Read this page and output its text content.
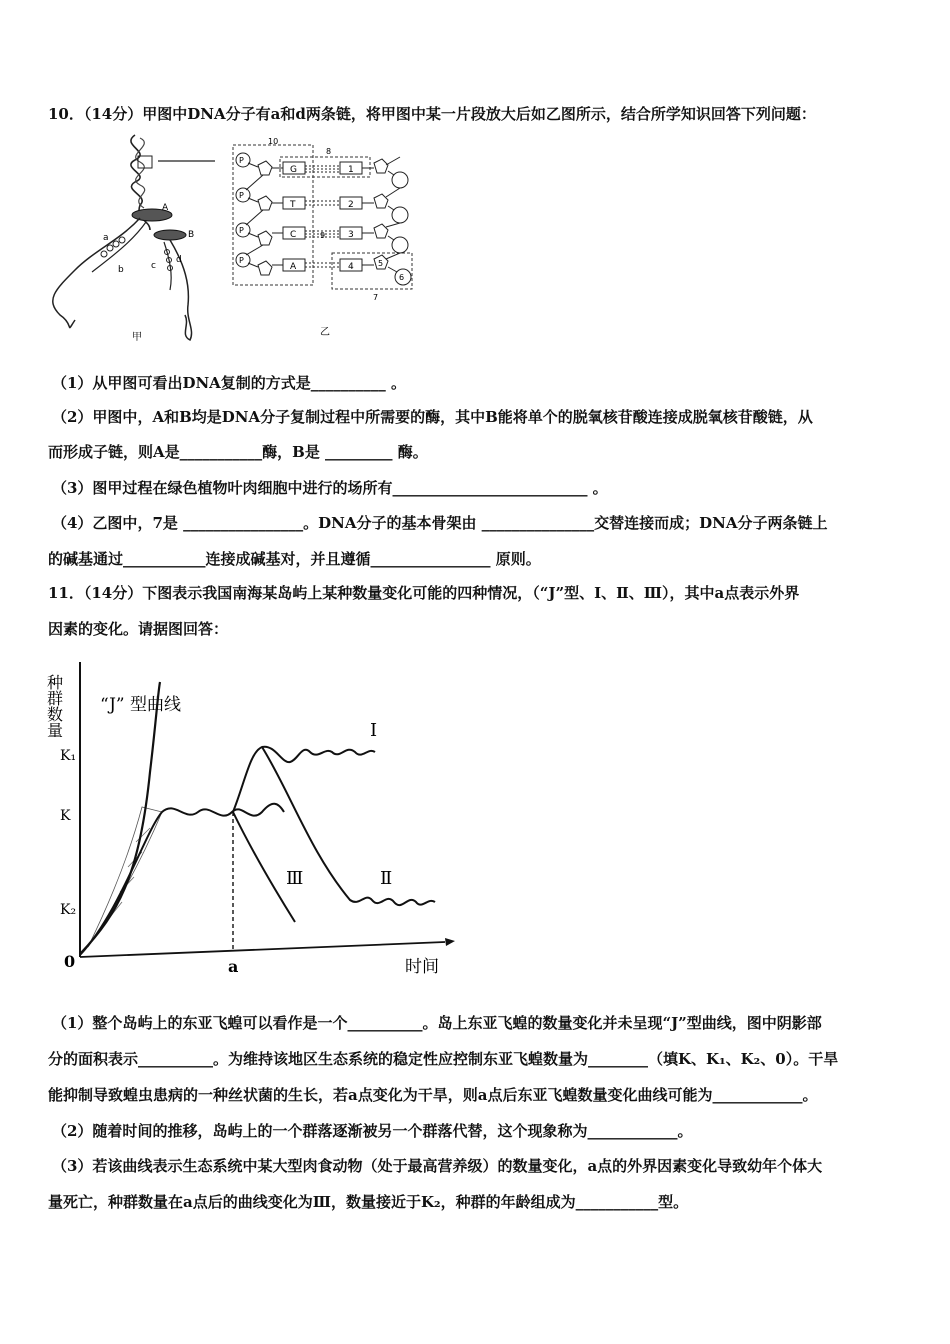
10．（14分）甲图中DNA分子有a和d两条链，将甲图中某一片段放大后如乙图所示，结合所学知识回答下列问题：
A
B
a
b	c
d
甲
10
8
7
P
P
P
P
G
T
C
A
9
1
2
3
4	5
6
乙
（1）从甲图可看出DNA复制的方式是__________ 。
（2）甲图中，A和B均是DNA分子复制过程中所需要的酶，其中B能将单个的脱氧核苷酸连接成脱氧核苷酸链，从
而形成子链，则A是___________酶，B是 _________ 酶。
（3）图甲过程在绿色植物叶肉细胞中进行的场所有__________________________ 。
（4）乙图中，7是 ________________。DNA分子的基本骨架由 _______________交替连接而成；DNA分子两条链上
的碱基通过___________连接成碱基对，并且遵循________________ 原则。
11．（14分）下图表示我国南海某岛屿上某种数量变化可能的四种情况，（“J”型、Ⅰ、Ⅱ、Ⅲ），其中a点表示外界
因素的变化。请据图回答：
种群数量
时间
0	a
K₁
K
K₂
“J” 型曲线
Ⅰ
Ⅱ
Ⅲ
（1）整个岛屿上的东亚飞蝗可以看作是一个__________。岛上东亚飞蝗的数量变化并未呈现“J”型曲线，图中阴影部
分的面积表示__________。为维持该地区生态系统的稳定性应控制东亚飞蝗数量为________（填K、K₁、K₂、0）。干旱
能抑制导致蝗虫患病的一种丝状菌的生长，若a点变化为干旱，则a点后东亚飞蝗数量变化曲线可能为____________。
（2）随着时间的推移，岛屿上的一个群落逐渐被另一个群落代替，这个现象称为____________。
（3）若该曲线表示生态系统中某大型肉食动物（处于最高营养级）的数量变化，a点的外界因素变化导致幼年个体大
量死亡，种群数量在a点后的曲线变化为Ⅲ，数量接近于K₂，种群的年龄组成为___________型。
